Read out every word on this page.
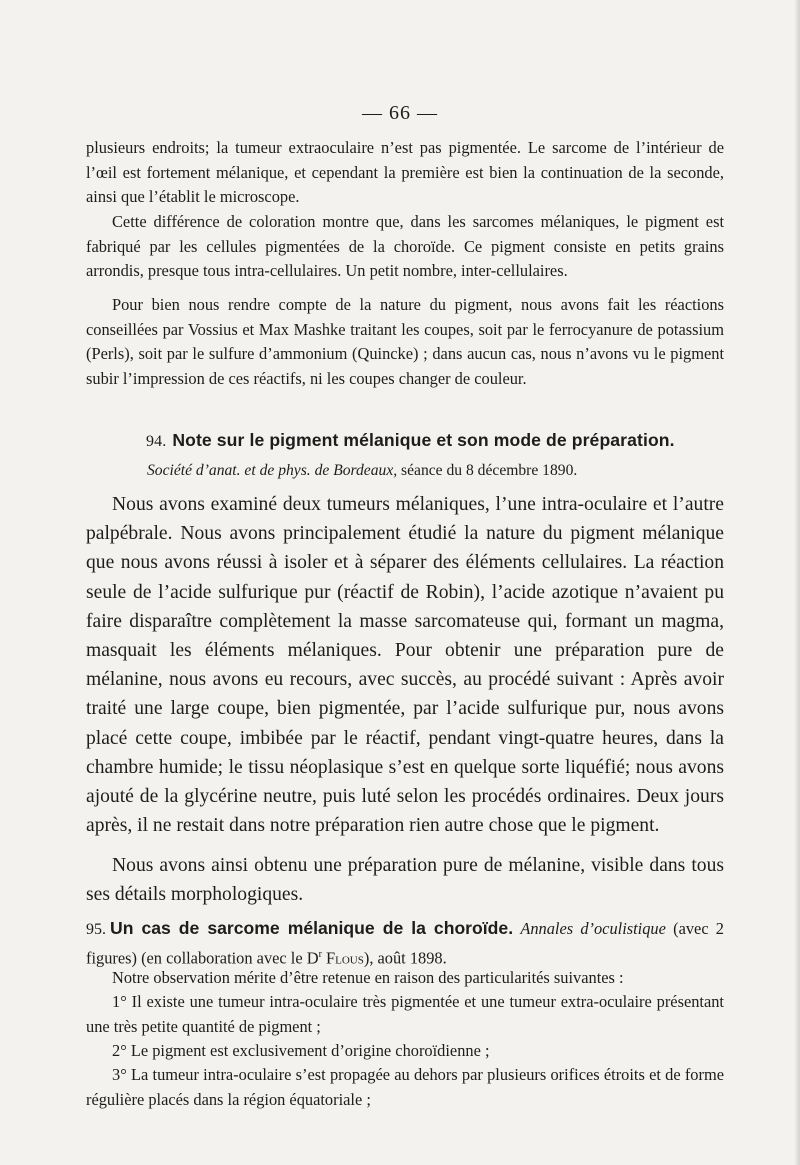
— 66 —

plusieurs endroits; la tumeur extraoculaire n’est pas pigmentée. Le sarcome de l’intérieur de l’œil est fortement mélanique, et cependant la première est bien la continuation de la seconde, ainsi que l’établit le microscope.

Cette différence de coloration montre que, dans les sarcomes mélaniques, le pigment est fabriqué par les cellules pigmentées de la choroïde. Ce pigment consiste en petits grains arrondis, presque tous intra-cellulaires. Un petit nombre, inter-cellulaires.

Pour bien nous rendre compte de la nature du pigment, nous avons fait les réactions conseillées par Vossius et Max Mashke traitant les coupes, soit par le ferrocyanure de potassium (Perls), soit par le sulfure d’ammonium (Quincke) ; dans aucun cas, nous n’avons vu le pigment subir l’impression de ces réactifs, ni les coupes changer de couleur.

94. Note sur le pigment mélanique et son mode de préparation.
Société d’anat. et de phys. de Bordeaux, séance du 8 décembre 1890.

Nous avons examiné deux tumeurs mélaniques, l’une intra-oculaire et l’autre palpébrale. Nous avons principalement étudié la nature du pigment mélanique que nous avons réussi à isoler et à séparer des éléments cellulaires. La réaction seule de l’acide sulfurique pur (réactif de Robin), l’acide azotique n’avaient pu faire disparaître complètement la masse sarcomateuse qui, formant un magma, masquait les éléments mélaniques. Pour obtenir une préparation pure de mélanine, nous avons eu recours, avec succès, au procédé suivant : Après avoir traité une large coupe, bien pigmentée, par l’acide sulfurique pur, nous avons placé cette coupe, imbibée par le réactif, pendant vingt-quatre heures, dans la chambre humide; le tissu néoplasique s’est en quelque sorte liquéfié; nous avons ajouté de la glycérine neutre, puis luté selon les procédés ordinaires. Deux jours après, il ne restait dans notre préparation rien autre chose que le pigment.

Nous avons ainsi obtenu une préparation pure de mélanine, visible dans tous ses détails morphologiques.

95. Un cas de sarcome mélanique de la choroïde. Annales d’oculistique (avec 2 figures) (en collaboration avec le $D^r$ Flous), août 1898.

Notre observation mérite d’être retenue en raison des particularités suivantes :

1° Il existe une tumeur intra-oculaire très pigmentée et une tumeur extra-oculaire présentant une très petite quantité de pigment ;

2° Le pigment est exclusivement d’origine choroïdienne ;

3° La tumeur intra-oculaire s’est propagée au dehors par plusieurs orifices étroits et de forme régulière placés dans la région équatoriale ;
